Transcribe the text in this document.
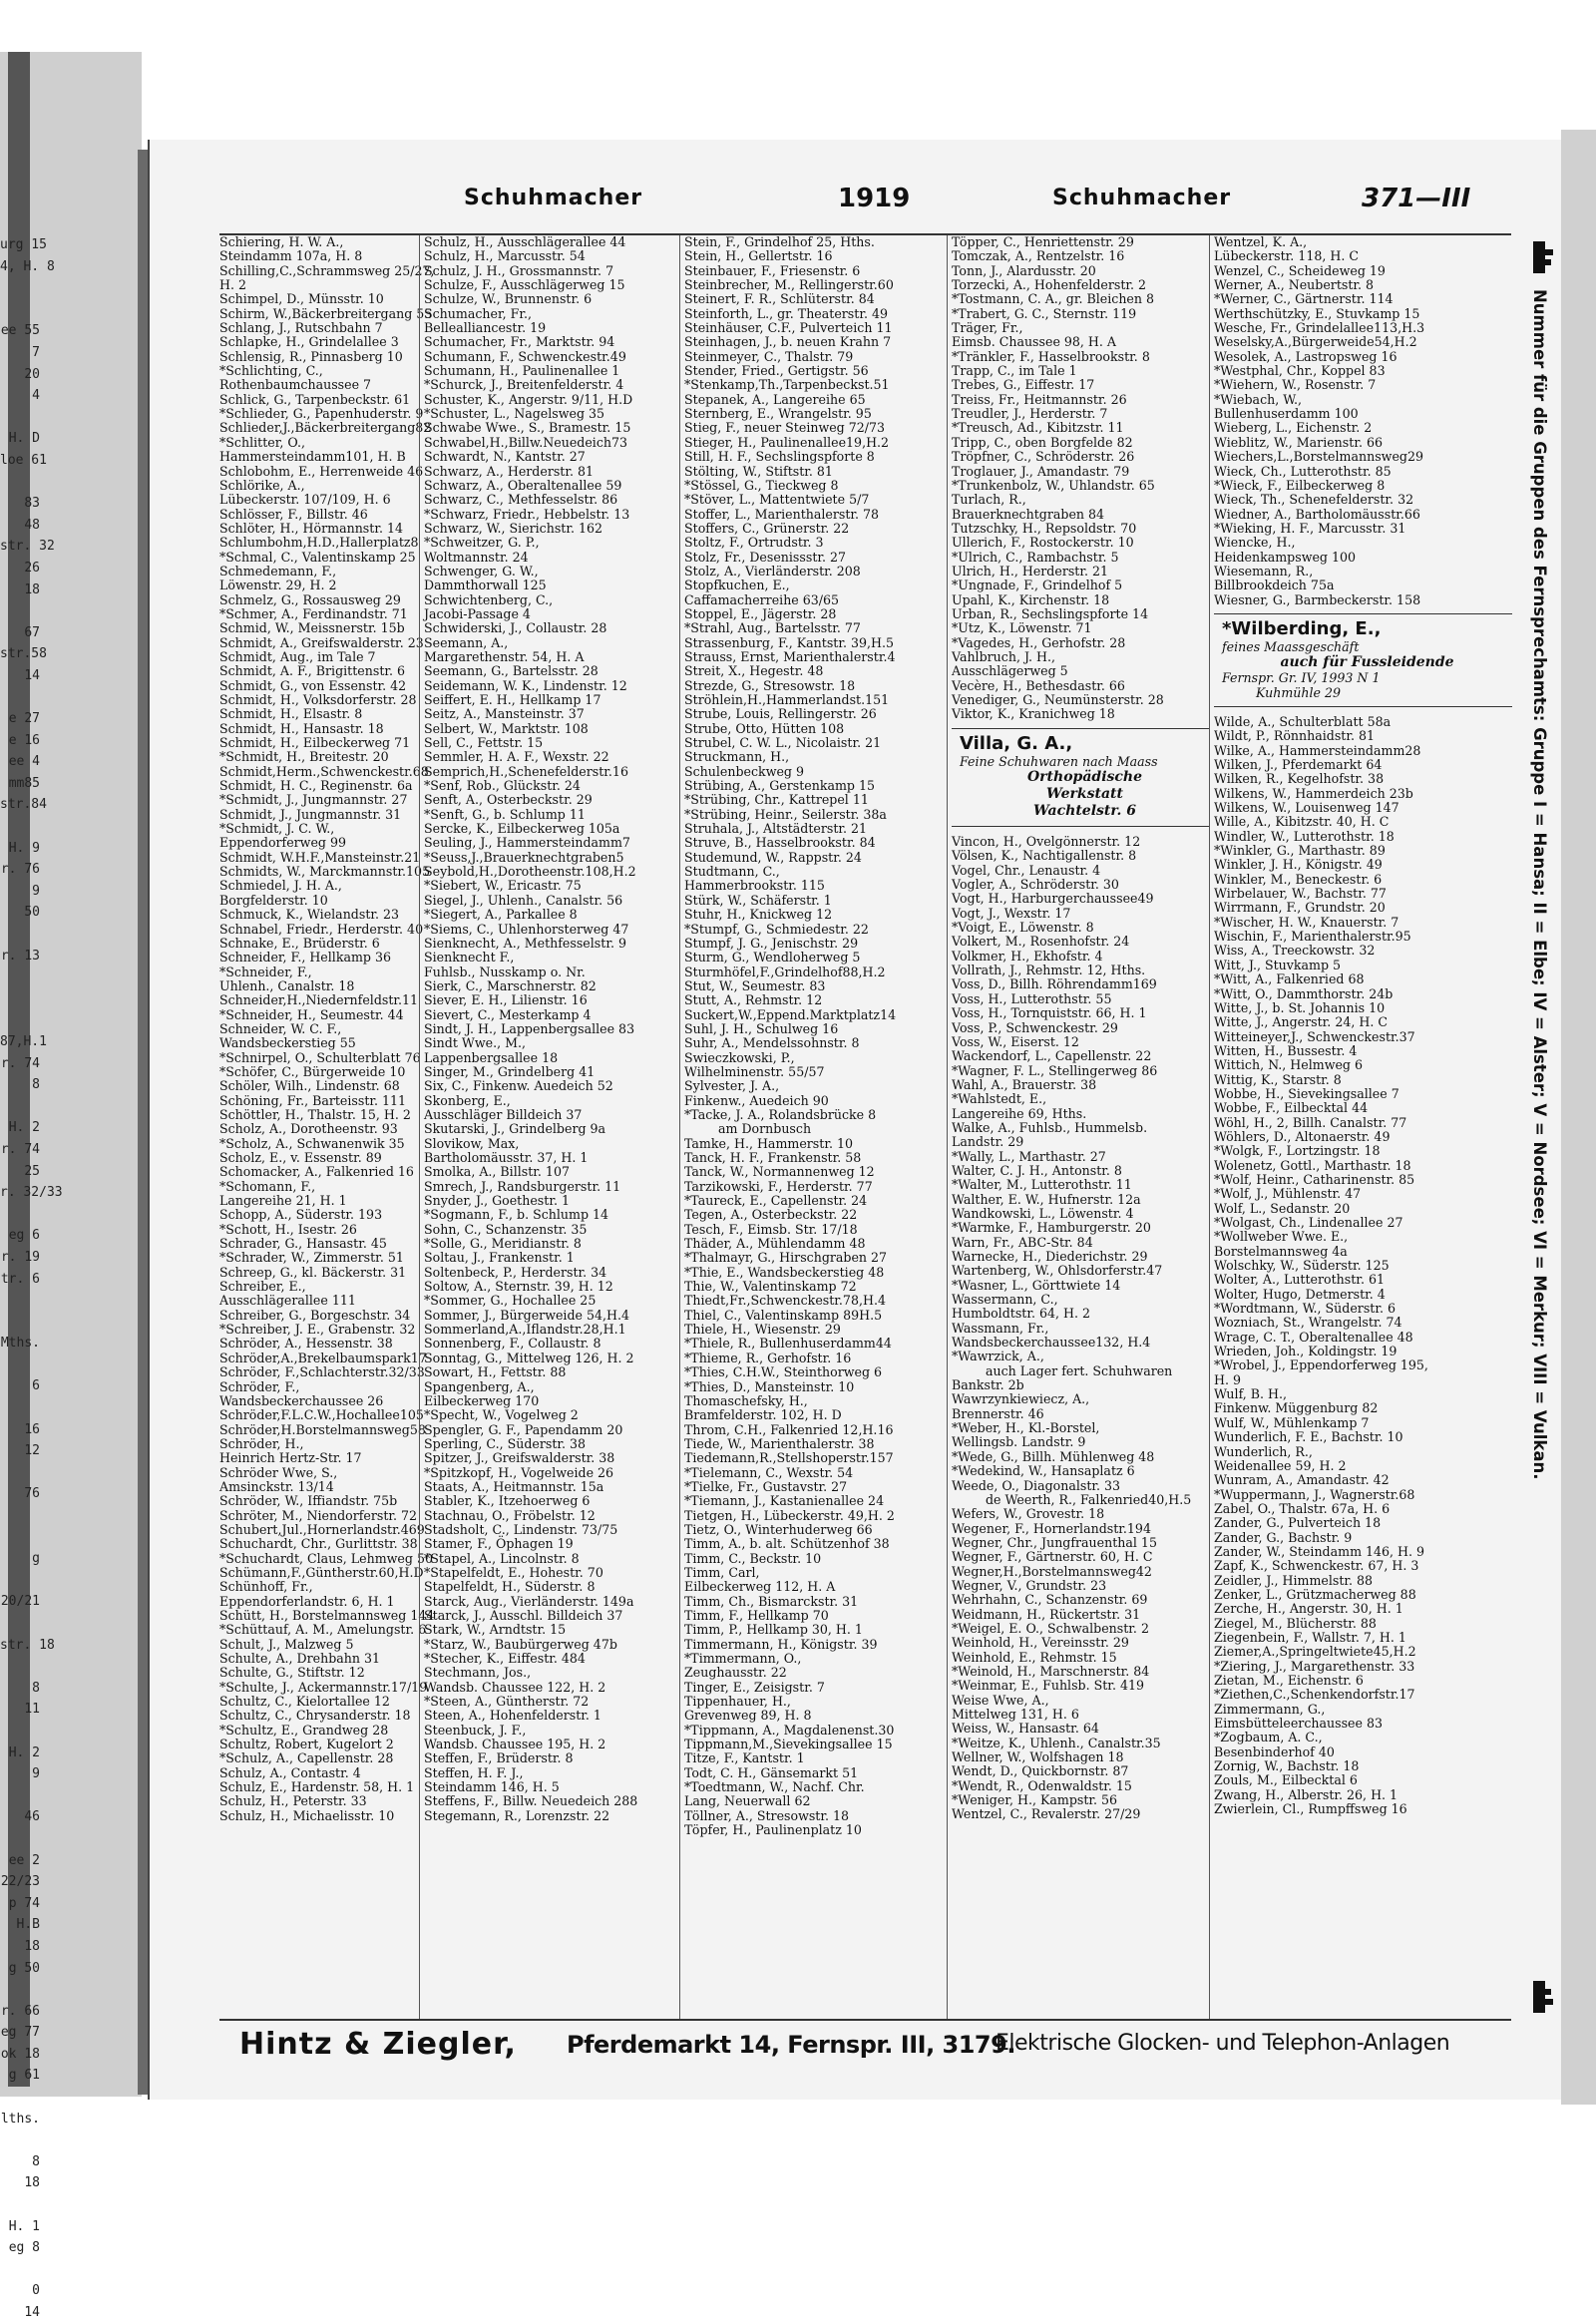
urg 15
4, H. 8
ee 55
7
20
4
H. D
loe 61
83
48
str. 32
26
18
67
str.58
14
e 27
e 16
ee 4
mm85
str.84
H. 9
r. 76
9
50
r. 13
87,H.1
r. 74
8
H. 2
r. 74
25
r. 32/33
eg 6
r. 19
tr. 6
Mths.
6
16
12
76
g
20/21
str. 18
8
11
H. 2
9
46
ee 2
22/23
p 74
H.B
18
g 50
r. 66
eg 77
ok 18
g 61
lths.
8
18
H. 1
eg 8
0
14
Schuhmacher	1919	Schuhmacher	371—III
Schiering, H. W. A.,
Steindamm 107a, H. 8
Schilling,C.,Schrammsweg 25/27,
H. 2
Schimpel, D., Münsstr. 10
Schirm, W.,Bäckerbreitergang 55
Schlang, J., Rutschbahn 7
Schlapke, H., Grindelallee 3
Schlensig, R., Pinnasberg 10
*Schlichting, C.,
Rothenbaumchaussee 7
Schlick, G., Tarpenbeckstr. 61
*Schlieder, G., Papenhuderstr. 9
Schlieder,J.,Bäckerbreitergang82
*Schlitter, O.,
Hammersteindamm101, H. B
Schlobohm, E., Herrenweide 46
Schlörike, A.,
Lübeckerstr. 107/109, H. 6
Schlösser, F., Billstr. 46
Schlöter, H., Hörmannstr. 14
Schlumbohm,H.D.,Hallerplatz8
*Schmal, C., Valentinskamp 25
Schmedemann, F.,
Löwenstr. 29, H. 2
Schmelz, G., Rossausweg 29
*Schmer, A., Ferdinandstr. 71
Schmid, W., Meissnerstr. 15b
Schmidt, A., Greifswalderstr. 23
Schmidt, Aug., im Tale 7
Schmidt, A. F., Brigittenstr. 6
Schmidt, G., von Essenstr. 42
Schmidt, H., Volksdorferstr. 28
Schmidt, H., Elsastr. 8
Schmidt, H., Hansastr. 18
Schmidt, H., Eilbeckerweg 71
*Schmidt, H., Breitestr. 20
Schmidt,Herm.,Schwenckestr.68
Schmidt, H. C., Reginenstr. 6a
*Schmidt, J., Jungmannstr. 27
Schmidt, J., Jungmannstr. 31
*Schmidt, J. C. W.,
Eppendorferweg 99
Schmidt, W.H.F.,Mansteinstr.21
Schmidts, W., Marckmannstr.105
Schmiedel, J. H. A.,
Borgfelderstr. 10
Schmuck, K., Wielandstr. 23
Schnabel, Friedr., Herderstr. 40
Schnake, E., Brüderstr. 6
Schneider, F., Hellkamp 36
*Schneider, F.,
Uhlenh., Canalstr. 18
Schneider,H.,Niedernfeldstr.11
*Schneider, H., Seumestr. 44
Schneider, W. C. F.,
Wandsbeckerstieg 55
*Schnirpel, O., Schulterblatt 76
*Schöfer, C., Bürgerweide 10
Schöler, Wilh., Lindenstr. 68
Schöning, Fr., Barteisstr. 111
Schöttler, H., Thalstr. 15, H. 2
Scholz, A., Dorotheenstr. 93
*Scholz, A., Schwanenwik 35
Scholz, E., v. Essenstr. 89
Schomacker, A., Falkenried 16
*Schomann, F.,
Langereihe 21, H. 1
Schopp, A., Süderstr. 193
*Schott, H., Isestr. 26
Schrader, G., Hansastr. 45
*Schrader, W., Zimmerstr. 51
Schreep, G., kl. Bäckerstr. 31
Schreiber, E.,
Ausschlägerallee 111
Schreiber, G., Borgeschstr. 34
*Schreiber, J. E., Grabenstr. 32
Schröder, A., Hessenstr. 38
Schröder,A.,Brekelbaumspark17
Schröder, F.,Schlachterstr.32/33
Schröder, F.,
Wandsbeckerchaussee 26
Schröder,F.L.C.W.,Hochallee105
Schröder,H.Borstelmannsweg58
Schröder, H.,
Heinrich Hertz-Str. 17
Schröder Wwe, S.,
Amsinckstr. 13/14
Schröder, W., Iffiandstr. 75b
Schröter, M., Niendorferstr. 72
Schubert,Jul.,Hornerlandstr.469
Schuchardt, Chr., Gurlittstr. 38
*Schuchardt, Claus, Lehmweg 50
Schümann,F.,Güntherstr.60,H.D
Schünhoff, Fr.,
Eppendorferlandstr. 6, H. 1
Schütt, H., Borstelmannsweg 144
*Schüttauf, A. M., Amelungstr. 6
Schult, J., Malzweg 5
Schulte, A., Drehbahn 31
Schulte, G., Stiftstr. 12
*Schulte, J., Ackermannstr.17/19
Schultz, C., Kielortallee 12
Schultz, C., Chrysanderstr. 18
*Schultz, E., Grandweg 28
Schultz, Robert, Kugelort 2
*Schulz, A., Capellenstr. 28
Schulz, A., Contastr. 4
Schulz, E., Hardenstr. 58, H. 1
Schulz, H., Peterstr. 33
Schulz, H., Michaelisstr. 10
Schulz, H., Ausschlägerallee 44
Schulz, H., Marcusstr. 54
Schulz, J. H., Grossmannstr. 7
Schulze, F., Ausschlägerweg 15
Schulze, W., Brunnenstr. 6
Schumacher, Fr.,
Bellealliancestr. 19
Schumacher, Fr., Marktstr. 94
Schumann, F., Schwenckestr.49
Schumann, H., Paulinenallee 1
*Schurck, J., Breitenfelderstr. 4
Schuster, K., Angerstr. 9/11, H.D
*Schuster, L., Nagelsweg 35
Schwabe Wwe., S., Bramestr. 15
Schwabel,H.,Billw.Neuedeich73
Schwardt, N., Kantstr. 27
Schwarz, A., Herderstr. 81
Schwarz, A., Oberaltenallee 59
Schwarz, C., Methfesselstr. 86
*Schwarz, Friedr., Hebbelstr. 13
Schwarz, W., Sierichstr. 162
*Schweitzer, G. P.,
Woltmannstr. 24
Schwenger, G. W.,
Dammthorwall 125
Schwichtenberg, C.,
Jacobi-Passage 4
Schwiderski, J., Collaustr. 28
Seemann, A.,
Margarethenstr. 54, H. A
Seemann, G., Bartelsstr. 28
Seidemann, W. K., Lindenstr. 12
Seiffert, E. H., Hellkamp 17
Seitz, A., Mansteinstr. 37
Selbert, W., Marktstr. 108
Sell, C., Fettstr. 15
Semmler, H. A. F., Wexstr. 22
Semprich,H.,Schenefelderstr.16
*Senf, Rob., Glückstr. 24
Senft, A., Osterbeckstr. 29
*Senft, G., b. Schlump 11
Sercke, K., Eilbeckerweg 105a
Seuling, J., Hammersteindamm7
*Seuss,J.,Brauerknechtgraben5
Seybold,H.,Dorotheenstr.108,H.2
*Siebert, W., Ericastr. 75
Siegel, J., Uhlenh., Canalstr. 56
*Siegert, A., Parkallee 8
*Siems, C., Uhlenhorsterweg 47
Sienknecht, A., Methfesselstr. 9
Sienknecht F.,
Fuhlsb., Nusskamp o. Nr.
Sierk, C., Marschnerstr. 82
Siever, E. H., Lilienstr. 16
Sievert, C., Mesterkamp 4
Sindt, J. H., Lappenbergsallee 83
Sindt Wwe., M.,
Lappenbergsallee 18
Singer, M., Grindelberg 41
Six, C., Finkenw. Auedeich 52
Skonberg, E.,
Ausschläger Billdeich 37
Skutarski, J., Grindelberg 9a
Slovikow, Max,
Bartholomäusstr. 37, H. 1
Smolka, A., Billstr. 107
Smrech, J., Randsburgerstr. 11
Snyder, J., Goethestr. 1
*Sogmann, F., b. Schlump 14
Sohn, C., Schanzenstr. 35
*Solle, G., Meridianstr. 8
Soltau, J., Frankenstr. 1
Soltenbeck, P., Herderstr. 34
Soltow, A., Sternstr. 39, H. 12
*Sommer, G., Hochallee 25
Sommer, J., Bürgerweide 54,H.4
Sommerland,A.,Iflandstr.28,H.1
Sonnenberg, F., Collaustr. 8
Sonntag, G., Mittelweg 126, H. 2
Sowart, H., Fettstr. 88
Spangenberg, A.,
Eilbeckerweg 170
*Specht, W., Vogelweg 2
Spengler, G. F., Papendamm 20
Sperling, C., Süderstr. 38
Spitzer, J., Greifswalderstr. 38
*Spitzkopf, H., Vogelweide 26
Staats, A., Heitmannstr. 15a
Stabler, K., Itzehoerweg 6
Stachnau, O., Fröbelstr. 12
Stadsholt, C., Lindenstr. 73/75
Stamer, F., Öphagen 19
*Stapel, A., Lincolnstr. 8
*Stapelfeldt, E., Hohestr. 70
Stapelfeldt, H., Süderstr. 8
Starck, Aug., Vierländerstr. 149a
Starck, J., Ausschl. Billdeich 37
Stark, W., Arndtstr. 15
*Starz, W., Baubürgerweg 47b
*Stecher, K., Eiffestr. 484
Stechmann, Jos.,
Wandsb. Chaussee 122, H. 2
*Steen, A., Güntherstr. 72
Steen, A., Hohenfelderstr. 1
Steenbuck, J. F.,
Wandsb. Chaussee 195, H. 2
Steffen, F., Brüderstr. 8
Steffen, H. F. J.,
Steindamm 146, H. 5
Steffens, F., Billw. Neuedeich 288
Stegemann, R., Lorenzstr. 22
Stein, F., Grindelhof 25, Hths.
Stein, H., Gellertstr. 16
Steinbauer, F., Friesenstr. 6
Steinbrecher, M., Rellingerstr.60
Steinert, F. R., Schlüterstr. 84
Steinforth, L., gr. Theaterstr. 49
Steinhäuser, C.F., Pulverteich 11
Steinhagen, J., b. neuen Krahn 7
Steinmeyer, C., Thalstr. 79
Stender, Fried., Gertigstr. 56
*Stenkamp,Th.,Tarpenbeckst.51
Stepanek, A., Langereihe 65
Sternberg, E., Wrangelstr. 95
Stieg, F., neuer Steinweg 72/73
Stieger, H., Paulinenallee19,H.2
Still, H. F., Sechslingspforte 8
Stölting, W., Stiftstr. 81
*Stössel, G., Tieckweg 8
*Stöver, L., Mattentwiete 5/7
Stoffer, L., Marienthalerstr. 78
Stoffers, C., Grünerstr. 22
Stoltz, F., Ortrudstr. 3
Stolz, Fr., Desenissstr. 27
Stolz, A., Vierländerstr. 208
Stopfkuchen, E.,
Caffamacherreihe 63/65
Stoppel, E., Jägerstr. 28
*Strahl, Aug., Bartelsstr. 77
Strassenburg, F., Kantstr. 39,H.5
Strauss, Ernst, Marienthalerstr.4
Streit, X., Hegestr. 48
Strezde, G., Stresowstr. 18
Ströhlein,H.,Hammerlandst.151
Strube, Louis, Rellingerstr. 26
Strube, Otto, Hütten 108
Strubel, C. W. L., Nicolaistr. 21
Struckmann, H.,
Schulenbeckweg 9
Strübing, A., Gerstenkamp 15
*Strübing, Chr., Kattrepel 11
*Strübing, Heinr., Seilerstr. 38a
Struhala, J., Altstädterstr. 21
Struve, B., Hasselbrookstr. 84
Studemund, W., Rappstr. 24
Studtmann, C.,
Hammerbrookstr. 115
Stürk, W., Schäferstr. 1
Stuhr, H., Knickweg 12
*Stumpf, G., Schmiedestr. 22
Stumpf, J. G., Jenischstr. 29
Sturm, G., Wendloherweg 5
Sturmhöfel,F.,Grindelhof88,H.2
Stut, W., Seumestr. 83
Stutt, A., Rehmstr. 12
Suckert,W.,Eppend.Marktplatz14
Suhl, J. H., Schulweg 16
Suhr, A., Mendelssohnstr. 8
Swieczkowski, P.,
Wilhelminenstr. 55/57
Sylvester, J. A.,
Finkenw., Auedeich 90
*Tacke, J. A., Rolandsbrücke 8
am Dornbusch
Tamke, H., Hammerstr. 10
Tanck, H. F., Frankenstr. 58
Tanck, W., Normannenweg 12
Tarzikowski, F., Herderstr. 77
*Taureck, E., Capellenstr. 24
Tegen, A., Osterbeckstr. 22
Tesch, F., Eimsb. Str. 17/18
Thäder, A., Mühlendamm 48
*Thalmayr, G., Hirschgraben 27
*Thie, E., Wandsbeckerstieg 48
Thie, W., Valentinskamp 72
Thiedt,Fr.,Schwenckestr.78,H.4
Thiel, C., Valentinskamp 89H.5
Thiele, H., Wiesenstr. 29
*Thiele, R., Bullenhuserdamm44
*Thieme, R., Gerhofstr. 16
*Thies, C.H.W., Steinthorweg 6
*Thies, D., Mansteinstr. 10
Thomaschefsky, H.,
Bramfelderstr. 102, H. D
Throm, C.H., Falkenried 12,H.16
Tiede, W., Marienthalerstr. 38
Tiedemann,R.,Stellshoperstr.157
*Tielemann, C., Wexstr. 54
*Tielke, Fr., Gustavstr. 27
*Tiemann, J., Kastanienallee 24
Tietgen, H., Lübeckerstr. 49,H. 2
Tietz, O., Winterhuderweg 66
Timm, A., b. alt. Schützenhof 38
Timm, C., Beckstr. 10
Timm, Carl,
Eilbeckerweg 112, H. A
Timm, Ch., Bismarckstr. 31
Timm, F., Hellkamp 70
Timm, P., Hellkamp 30, H. 1
Timmermann, H., Königstr. 39
*Timmermann, O.,
Zeughausstr. 22
Tinger, E., Zeisigstr. 7
Tippenhauer, H.,
Grevenweg 89, H. 8
*Tippmann, A., Magdalenenst.30
Tippmann,M.,Sievekingsallee 15
Titze, F., Kantstr. 1
Todt, C. H., Gänsemarkt 51
*Toedtmann, W., Nachf. Chr.
Lang, Neuerwall 62
Töllner, A., Stresowstr. 18
Töpfer, H., Paulinenplatz 10
Töpper, C., Henriettenstr. 29
Tomczak, A., Rentzelstr. 16
Tonn, J., Alardusstr. 20
Torzecki, A., Hohenfelderstr. 2
*Tostmann, C. A., gr. Bleichen 8
*Trabert, G. C., Sternstr. 119
Träger, Fr.,
Eimsb. Chaussee 98, H. A
*Tränkler, F., Hasselbrookstr. 8
Trapp, C., im Tale 1
Trebes, G., Eiffestr. 17
Treiss, Fr., Heitmannstr. 26
Treudler, J., Herderstr. 7
*Treusch, Ad., Kibitzstr. 11
Tripp, C., oben Borgfelde 82
Tröpfner, C., Schröderstr. 26
Troglauer, J., Amandastr. 79
*Trunkenbolz, W., Uhlandstr. 65
Turlach, R.,
Brauerknechtgraben 84
Tutzschky, H., Repsoldstr. 70
Ullerich, F., Rostockerstr. 10
*Ulrich, C., Rambachstr. 5
Ulrich, H., Herderstr. 21
*Ungnade, F., Grindelhof 5
Upahl, K., Kirchenstr. 18
Urban, R., Sechslingspforte 14
*Utz, K., Löwenstr. 71
*Vagedes, H., Gerhofstr. 28
Vahlbruch, J. H.,
Ausschlägerweg 5
Vecère, H., Bethesdastr. 66
Venediger, G., Neumünsterstr. 28
Viktor, K., Kranichweg 18
Villa, G. A.,
Feine Schuhwaren nach Maass
Orthopädische
Werkstatt
Wachtelstr. 6
Vincon, H., Ovelgönnerstr. 12
Völsen, K., Nachtigallenstr. 8
Vogel, Chr., Lenaustr. 4
Vogler, A., Schröderstr. 30
Vogt, H., Harburgerchaussee49
Vogt, J., Wexstr. 17
*Voigt, E., Löwenstr. 8
Volkert, M., Rosenhofstr. 24
Volkmer, H., Ekhofstr. 4
Vollrath, J., Rehmstr. 12, Hths.
Voss, D., Billh. Röhrendamm169
Voss, H., Lutterothstr. 55
Voss, H., Tornquiststr. 66, H. 1
Voss, P., Schwenckestr. 29
Voss, W., Eiserst. 12
Wackendorf, L., Capellenstr. 22
*Wagner, F. L., Stellingerweg 86
Wahl, A., Brauerstr. 38
*Wahlstedt, E.,
Langereihe 69, Hths.
Walke, A., Fuhlsb., Hummelsb.
Landstr. 29
*Wally, L., Marthastr. 27
Walter, C. J. H., Antonstr. 8
*Walter, M., Lutterothstr. 11
Walther, E. W., Hufnerstr. 12a
Wandkowski, L., Löwenstr. 4
*Warmke, F., Hamburgerstr. 20
Warn, Fr., ABC-Str. 84
Warnecke, H., Diederichstr. 29
Wartenberg, W., Ohlsdorferstr.47
*Wasner, L., Görttwiete 14
Wassermann, C.,
Humboldtstr. 64, H. 2
Wassmann, Fr.,
Wandsbeckerchaussee132, H.4
*Wawrzick, A.,
auch Lager fert. Schuhwaren
Bankstr. 2b
Wawrzynkiewiecz, A.,
Brennerstr. 46
*Weber, H., Kl.-Borstel,
Wellingsb. Landstr. 9
*Wede, G., Billh. Mühlenweg 48
*Wedekind, W., Hansaplatz 6
Weede, O., Diagonalstr. 33
de Weerth, R., Falkenried40,H.5
Wefers, W., Grovestr. 18
Wegener, F., Hornerlandstr.194
Wegner, Chr., Jungfrauenthal 15
Wegner, F., Gärtnerstr. 60, H. C
Wegner,H.,Borstelmannsweg42
Wegner, V., Grundstr. 23
Wehrhahn, C., Schanzenstr. 69
Weidmann, H., Rückertstr. 31
*Weigel, E. O., Schwalbenstr. 2
Weinhold, H., Vereinsstr. 29
Weinhold, E., Rehmstr. 15
*Weinold, H., Marschnerstr. 84
*Weinmar, E., Fuhlsb. Str. 419
Weise Wwe, A.,
Mittelweg 131, H. 6
Weiss, W., Hansastr. 64
*Weitze, K., Uhlenh., Canalstr.35
Wellner, W., Wolfshagen 18
Wendt, D., Quickbornstr. 87
*Wendt, R., Odenwaldstr. 15
*Weniger, H., Kampstr. 56
Wentzel, C., Revalerstr. 27/29
Wentzel, K. A.,
Lübeckerstr. 118, H. C
Wenzel, C., Scheideweg 19
Werner, A., Neubertstr. 8
*Werner, C., Gärtnerstr. 114
Werthschützky, E., Stuvkamp 15
Wesche, Fr., Grindelallee113,H.3
Weselsky,A.,Bürgerweide54,H.2
Wesolek, A., Lastropsweg 16
*Westphal, Chr., Koppel 83
*Wiehern, W., Rosenstr. 7
*Wiebach, W.,
Bullenhuserdamm 100
Wieberg, L., Eichenstr. 2
Wieblitz, W., Marienstr. 66
Wiechers,L.,Borstelmannsweg29
Wieck, Ch., Lutterothstr. 85
*Wieck, F., Eilbeckerweg 8
Wieck, Th., Schenefelderstr. 32
Wiedner, A., Bartholomäusstr.66
*Wieking, H. F., Marcusstr. 31
Wiencke, H.,
Heidenkampsweg 100
Wiesemann, R.,
Billbrookdeich 75a
Wiesner, G., Barmbeckerstr. 158
*Wilberding, E.,
feines Maassgeschäft
auch für Fussleidende
Fernspr. Gr. IV, 1993 N 1
Kuhmühle 29
Wilde, A., Schulterblatt 58a
Wildt, P., Rönnhaidstr. 81
Wilke, A., Hammersteindamm28
Wilken, J., Pferdemarkt 64
Wilken, R., Kegelhofstr. 38
Wilkens, W., Hammerdeich 23b
Wilkens, W., Louisenweg 147
Wille, A., Kibitzstr. 40, H. C
Windler, W., Lutterothstr. 18
*Winkler, G., Marthastr. 89
Winkler, J. H., Königstr. 49
Winkler, M., Beneckestr. 6
Wirbelauer, W., Bachstr. 77
Wirrmann, F., Grundstr. 20
*Wischer, H. W., Knauerstr. 7
Wischin, F., Marienthalerstr.95
Wiss, A., Treeckowstr. 32
Witt, J., Stuvkamp 5
*Witt, A., Falkenried 68
*Witt, O., Dammthorstr. 24b
Witte, J., b. St. Johannis 10
Witte, J., Angerstr. 24, H. C
Witteineyer,J., Schwenckestr.37
Witten, H., Bussestr. 4
Wittich, N., Helmweg 6
Wittig, K., Starstr. 8
Wobbe, H., Sievekingsallee 7
Wobbe, F., Eilbecktal 44
Wöhl, H., 2, Billh. Canalstr. 77
Wöhlers, D., Altonaerstr. 49
*Wolgk, F., Lortzingstr. 18
Wolenetz, Gottl., Marthastr. 18
*Wolf, Heinr., Catharinenstr. 85
*Wolf, J., Mühlenstr. 47
Wolf, L., Sedanstr. 20
*Wolgast, Ch., Lindenallee 27
*Wollweber Wwe. E.,
Borstelmannsweg 4a
Wolschky, W., Süderstr. 125
Wolter, A., Lutterothstr. 61
Wolter, Hugo, Detmerstr. 4
*Wordtmann, W., Süderstr. 6
Wozniach, St., Wrangelstr. 74
Wrage, C. T., Oberaltenallee 48
Wrieden, Joh., Koldingstr. 19
*Wrobel, J., Eppendorferweg 195,
H. 9
Wulf, B. H.,
Finkenw. Müggenburg 82
Wulf, W., Mühlenkamp 7
Wunderlich, F. E., Bachstr. 10
Wunderlich, R.,
Weidenallee 59, H. 2
Wunram, A., Amandastr. 42
*Wuppermann, J., Wagnerstr.68
Zabel, O., Thalstr. 67a, H. 6
Zander, G., Pulverteich 18
Zander, G., Bachstr. 9
Zander, W., Steindamm 146, H. 9
Zapf, K., Schwenckestr. 67, H. 3
Zeidler, J., Himmelstr. 88
Zenker, L., Grützmacherweg 88
Zerche, H., Angerstr. 30, H. 1
Ziegel, M., Blücherstr. 88
Ziegenbein, F., Wallstr. 7, H. 1
Ziemer,A.,Springeltwiete45,H.2
*Ziering, J., Margarethenstr. 33
Zietan, M., Eichenstr. 6
*Ziethen,C.,Schenkendorfstr.17
Zimmermann, G.,
Eimsbütteleerchaussee 83
*Zogbaum, A. C.,
Besenbinderhof 40
Zornig, W., Bachstr. 18
Zouls, M., Eilbecktal 6
Zwang, H., Alberstr. 26, H. 1
Zwierlein, Cl., Rumpffsweg 16
Nummer für die Gruppen des Fernsprechamts: Gruppe I = Hansa; II = Elbe; IV = Alster; V = Nordsee; VI = Merkur; VIII = Vulkan.
Hintz & Ziegler, Pferdemarkt 14, Fernspr. III, 3179.
Elektrische Glocken- und Telephon-Anlagen
